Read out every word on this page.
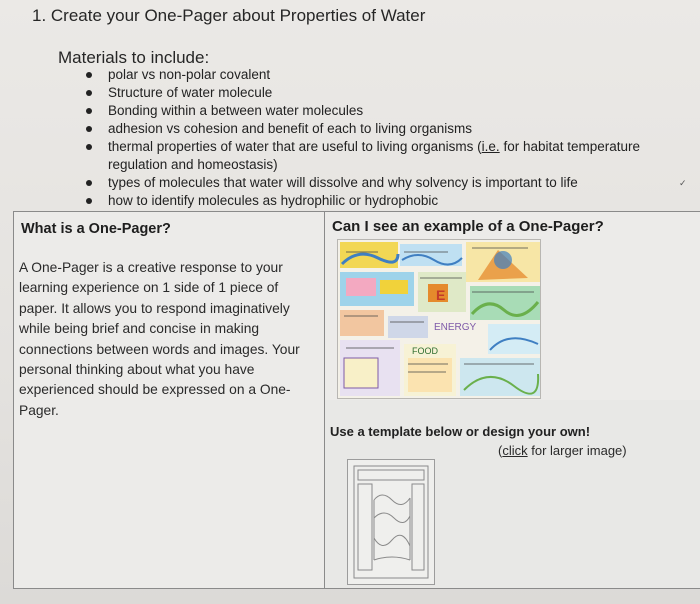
1. Create your One-Pager about Properties of Water
Materials to include:
polar vs non-polar covalent
Structure of water molecule
Bonding within a between water molecules
adhesion vs cohesion and benefit of each to living organisms
thermal properties of water that are useful to living organisms (i.e. for habitat temperature regulation and homeostasis)
types of molecules that water will dissolve and why solvency is important to life
how to identify molecules as hydrophilic or hydrophobic
✓
What is a One-Pager?
A One-Pager is a creative response to your learning experience on 1 side of 1 piece of paper. It allows you to respond imaginatively while being brief and concise in making connections between words and images. Your personal thinking about what you have experienced should be expressed on a One-Pager.
Can I see an example of a One-Pager?
E
ENERGY
FOOD
Use a template below or design your own!
(click for larger image)
